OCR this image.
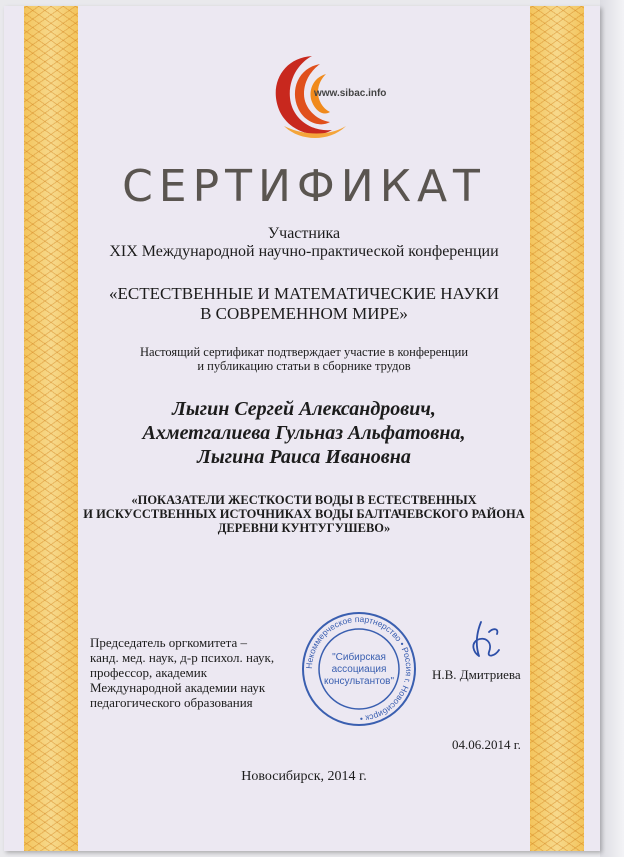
www.sibac.info
СЕРТИФИКАТ
Участника
XIX Международной научно-практической конференции
«ЕСТЕСТВЕННЫЕ И МАТЕМАТИЧЕСКИЕ НАУКИ
В СОВРЕМЕННОМ МИРЕ»
Настоящий сертификат подтверждает участие в конференции
и публикацию статьи в сборнике трудов
Лыгин Сергей Александрович,
Ахметгалиева Гульназ Альфатовна,
Лыгина Раиса Ивановна
«ПОКАЗАТЕЛИ ЖЕСТКОСТИ ВОДЫ В ЕСТЕСТВЕННЫХ
И ИСКУССТВЕННЫХ ИСТОЧНИКАХ ВОДЫ БАЛТАЧЕВСКОГО РАЙОНА
ДЕРЕВНИ КУНТУГУШЕВО»
Председатель оргкомитета –
канд. мед. наук, д-р психол. наук,
профессор, академик
Международной академии наук
педагогического образования
Некоммерческое партнерство • Россия г. Новосибирск •
"Сибирская
ассоциация
консультантов"	Н.В. Дмитриева
04.06.2014 г.
Новосибирск, 2014 г.
